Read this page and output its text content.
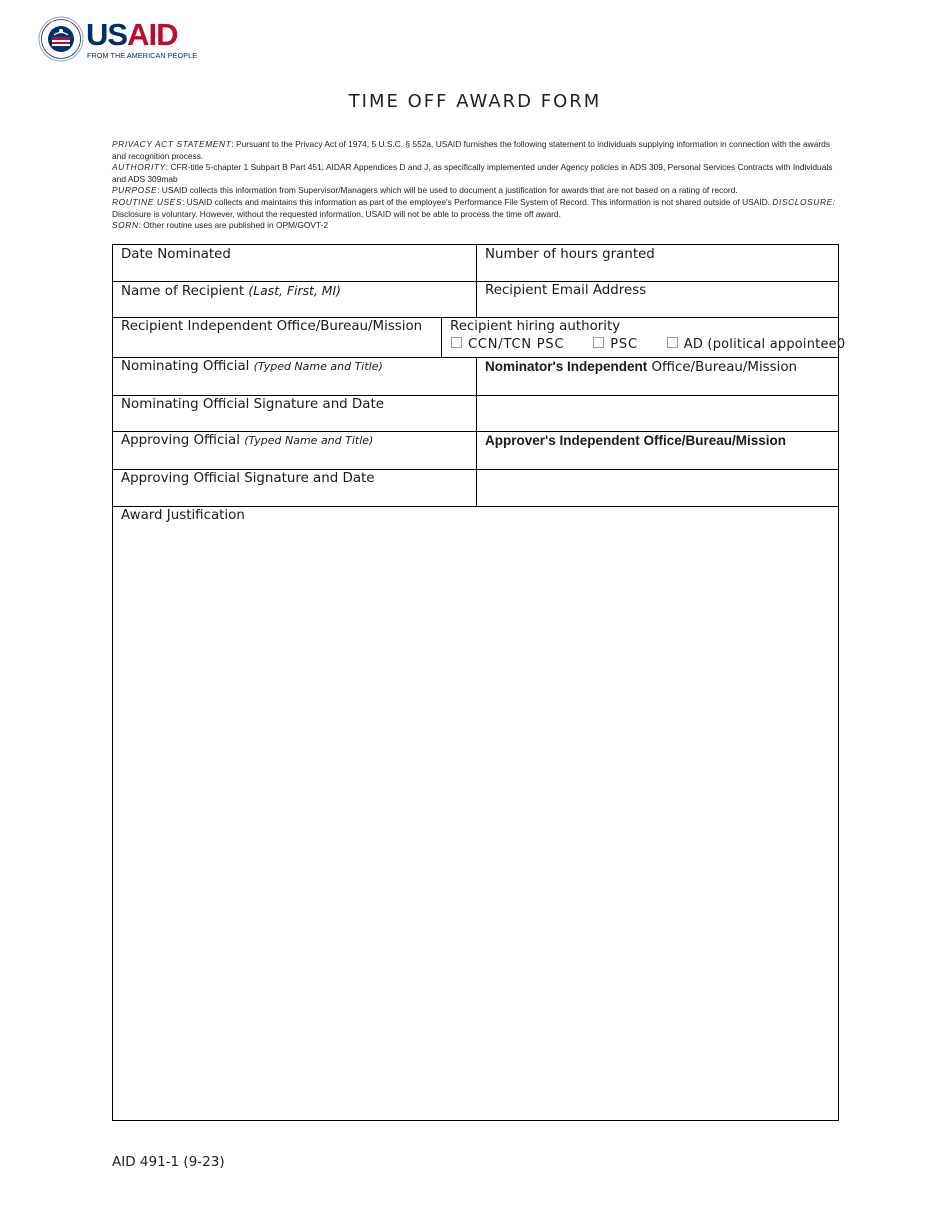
USAID
FROM THE AMERICAN PEOPLE
TIME OFF AWARD FORM

PRIVACY ACT STATEMENT: Pursuant to the Privacy Act of 1974, 5 U.S.C. § 552a, USAID furnishes the following statement to individuals supplying information in connection with the awards and recognition process.

AUTHORITY: CFR-title 5-chapter 1 Subpart B Part 451; AIDAR Appendices D and J, as specifically implemented under Agency policies in ADS 309, Personal Services Contracts with Individuals and ADS 309mab

PURPOSE: USAID collects this information from Supervisor/Managers which will be used to document a justification for awards that are not based on a rating of record.

ROUTINE USES: USAID collects and maintains this information as part of the employee's Performance File System of Record. This information is not shared outside of USAID. DISCLOSURE: Disclosure is voluntary. However, without the requested information, USAID will not be able to process the time off award.

SORN: Other routine uses are published in OPM/GOVT-2

Date Nominated	Number of hours granted
Name of Recipient (Last, First, MI)	Recipient Email Address
Recipient Independent Office/Bureau/Mission	Recipient hiring authority
CCN/TCN PSC	PSC	AD (political appointee0
Nominating Official (Typed Name and Title)	Nominator's Independent Office/Bureau/Mission
Nominating Official Signature and Date
Approving Official (Typed Name and Title)	Approver's Independent Office/Bureau/Mission
Approving Official Signature and Date
Award Justification
AID 491-1 (9-23)
